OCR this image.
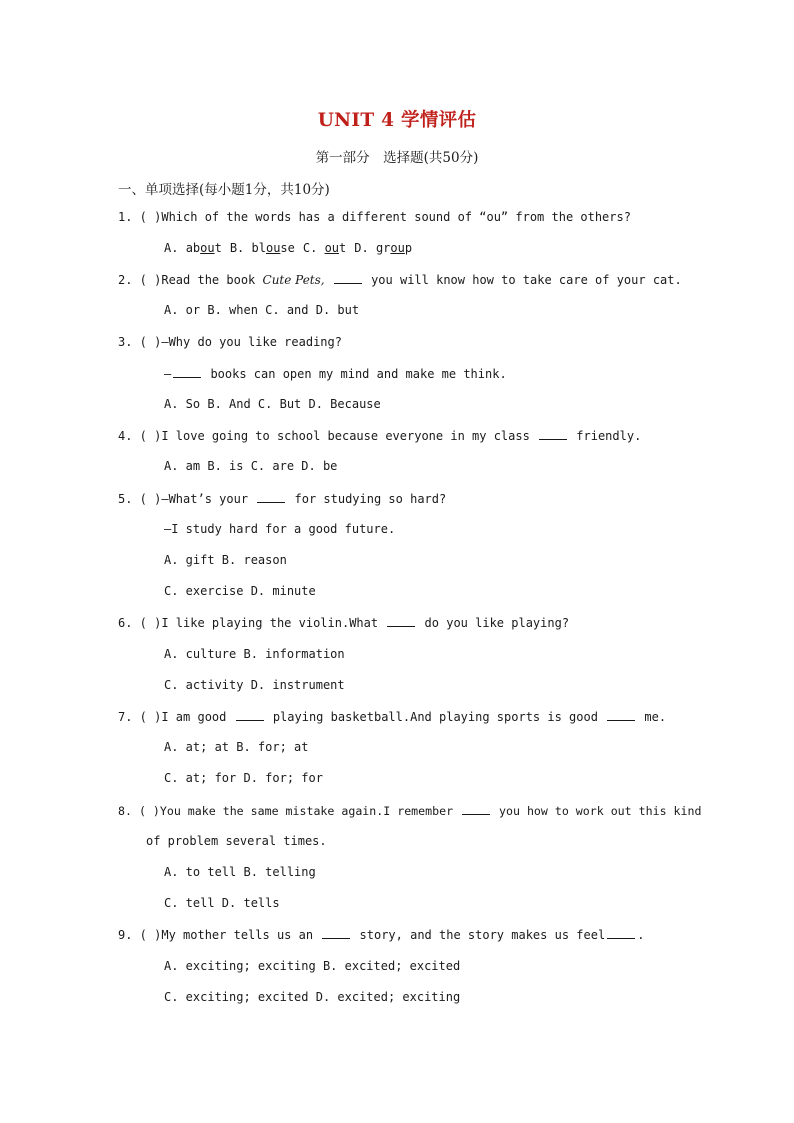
UNIT 4 学情评估
第一部分　选择题(共50分)
一、单项选择(每小题1分，共10分)
1. ( )Which of the words has a different sound of “ou” from the others?
A. about B. blouse C. out D. group
2. ( )Read the book Cute Pets,	you will know how to take care of your cat.
A. or B. when C. and D. but
3. ( )—Why do you like reading?
—	books can open my mind and make me think.
A. So B. And C. But D. Because
4. ( )I love going to school because everyone in my class	friendly.
A. am B. is C. are D. be
5. ( )—What’s your	for studying so hard?
—I study hard for a good future.
A. gift B. reason
C. exercise D. minute
6. ( )I like playing the violin.What	do you like playing?
A. culture B. information
C. activity D. instrument
7. ( )I am good	playing basketball.And playing sports is good	me.
A. at; at B. for; at
C. at; for D. for; for
8. ( )You make the same mistake again.I remember	you how to work out this kind
of problem several times.
A. to tell B. telling
C. tell D. tells
9. ( )My mother tells us an	story, and the story makes us feel	.
A. exciting; exciting B. excited; excited
C. exciting; excited D. excited; exciting
